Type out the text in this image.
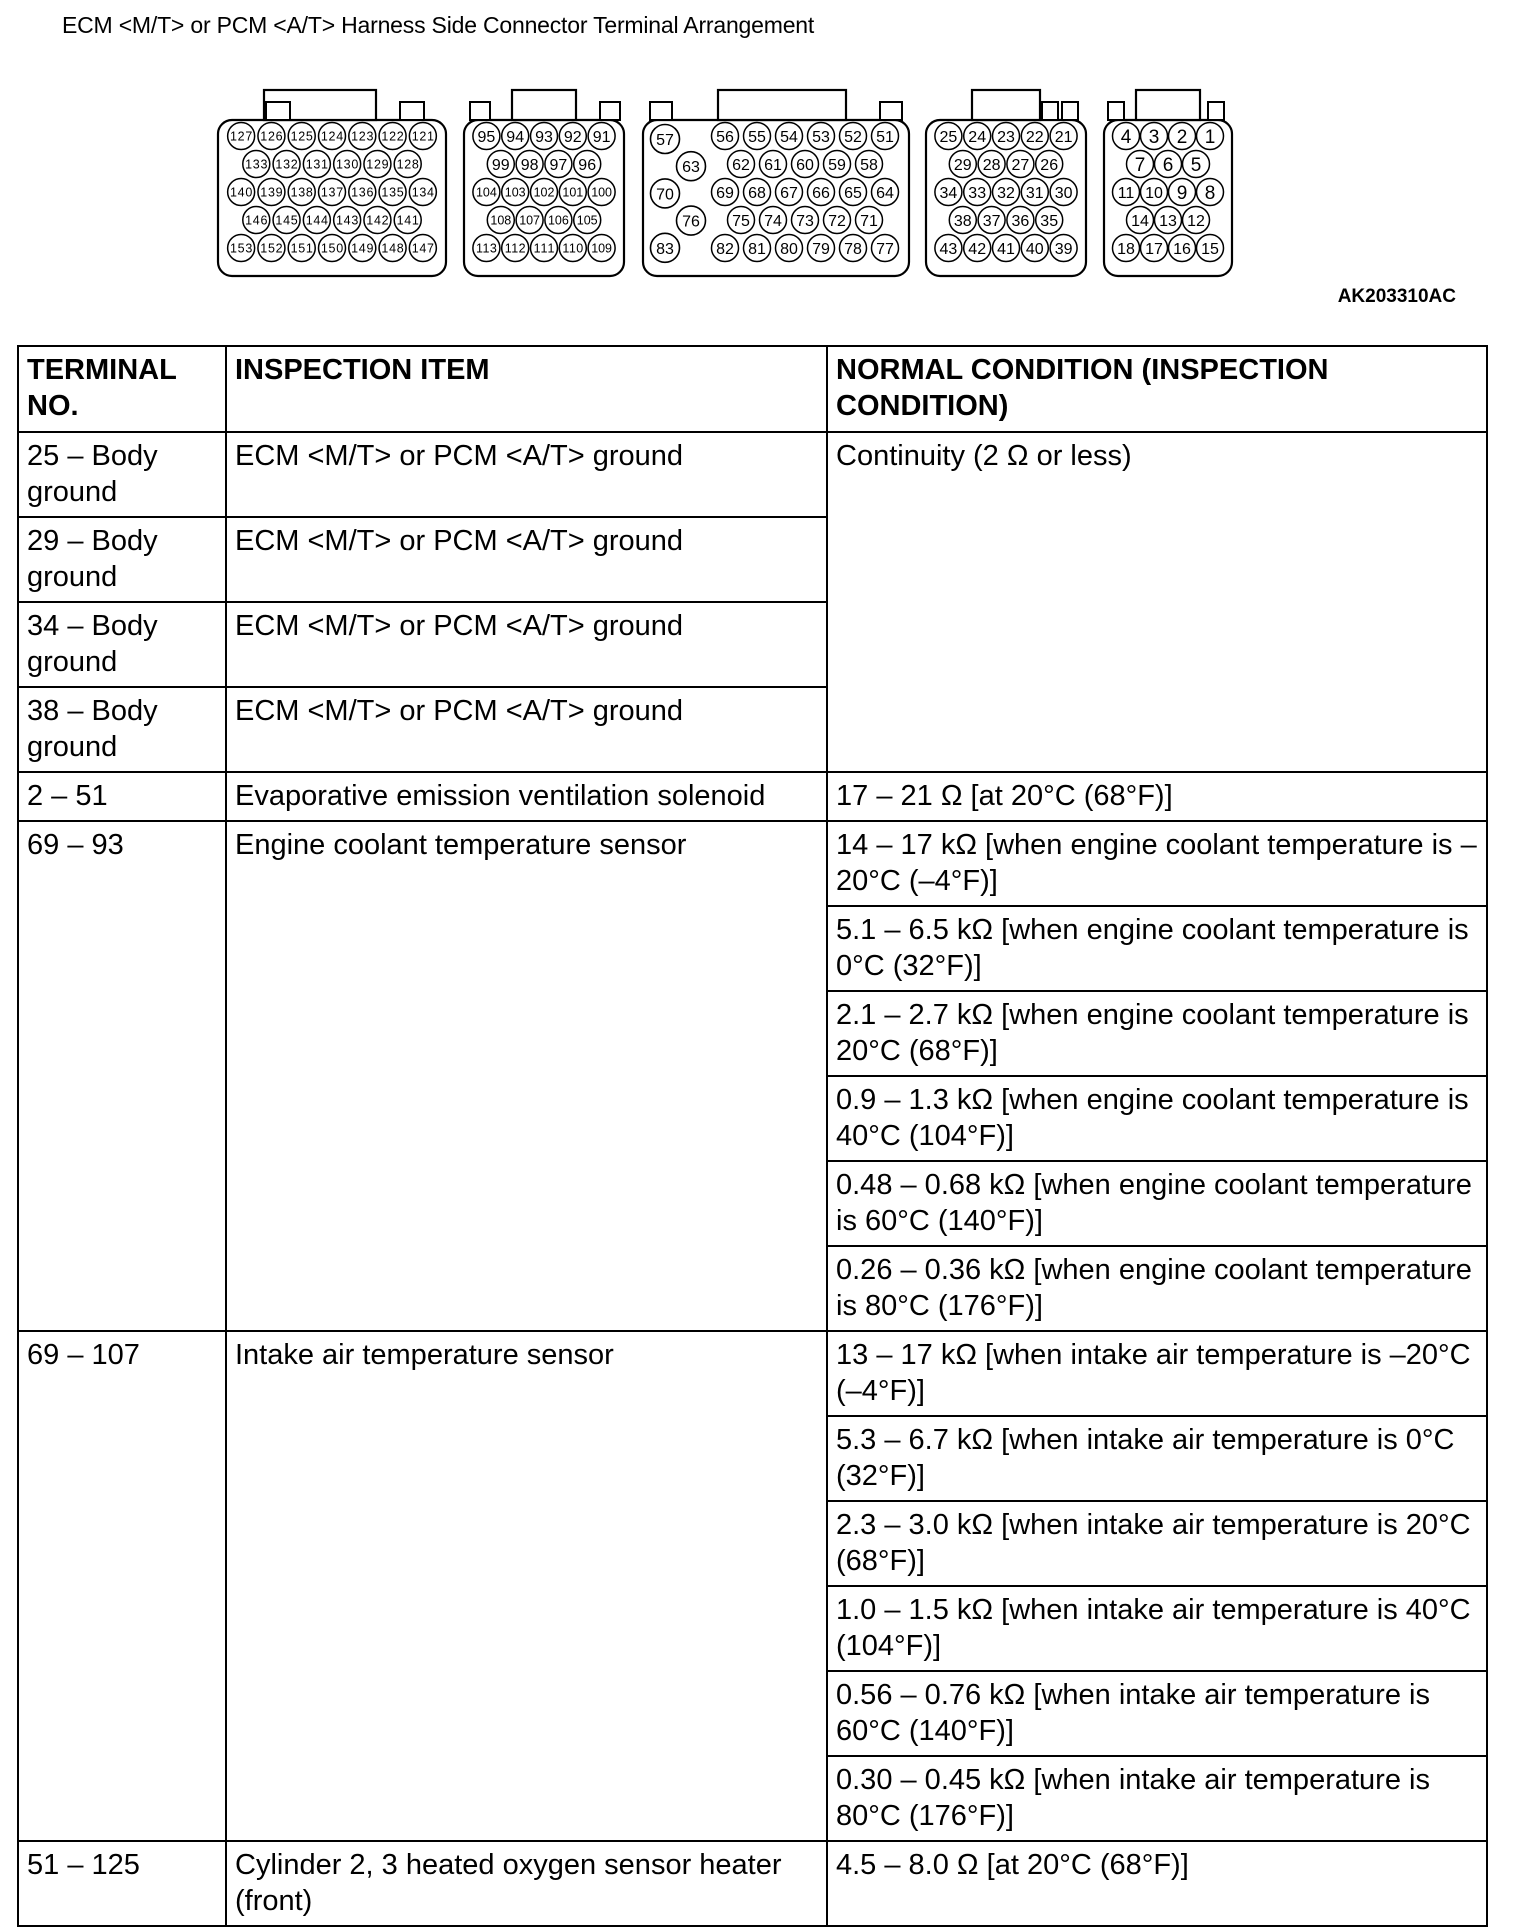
ECM <M/T> or PCM <A/T> Harness Side Connector Terminal Arrangement
127 126 125 124 123 122 121
133 132 131 130 129 128
140 139 138 137 136 135 134
146 145 144 143 142 141
153 152 151 150 149 148 147
95 94 93 92 91
99 98 97 96
104 103 102 101 100
108 107 106 105
113 112 111 110 109
57
63
70
76
83
56 55 54 53 52 51
62 61 60 59 58
69 68 67 66 65 64
75 74 73 72 71
82 81 80 79 78 77
25 24 23 22 21
29 28 27 26
34 33 32 31 30
38 37 36 35
43 42 41 40 39
4 3 2 1
7 6 5
11 10 9 8
14 13 12
18 17 16 15
AK203310AC
TERMINAL NO.	INSPECTION ITEM	NORMAL CONDITION (INSPECTION CONDITION)
25 – Body ground	ECM <M/T> or PCM <A/T> ground	Continuity (2 Ω or less)
29 – Body ground	ECM <M/T> or PCM <A/T> ground	
34 – Body ground	ECM <M/T> or PCM <A/T> ground	
38 – Body ground	ECM <M/T> or PCM <A/T> ground	
2 – 51	Evaporative emission ventilation solenoid	17 – 21 Ω [at 20°C (68°F)]
69 – 93	Engine coolant temperature sensor	14 – 17 kΩ [when engine coolant temperature is –20°C (–4°F)]
		5.1 – 6.5 kΩ [when engine coolant temperature is 0°C (32°F)]
		2.1 – 2.7 kΩ [when engine coolant temperature is 20°C (68°F)]
		0.9 – 1.3 kΩ [when engine coolant temperature is 40°C (104°F)]
		0.48 – 0.68 kΩ [when engine coolant temperature is 60°C (140°F)]
		0.26 – 0.36 kΩ [when engine coolant temperature is 80°C (176°F)]
69 – 107	Intake air temperature sensor	13 – 17 kΩ [when intake air temperature is –20°C (–4°F)]
		5.3 – 6.7 kΩ [when intake air temperature is 0°C (32°F)]
		2.3 – 3.0 kΩ [when intake air temperature is 20°C (68°F)]
		1.0 – 1.5 kΩ [when intake air temperature is 40°C (104°F)]
		0.56 – 0.76 kΩ [when intake air temperature is 60°C (140°F)]
		0.30 – 0.45 kΩ [when intake air temperature is 80°C (176°F)]
51 – 125	Cylinder 2, 3 heated oxygen sensor heater (front)	4.5 – 8.0 Ω [at 20°C (68°F)]
